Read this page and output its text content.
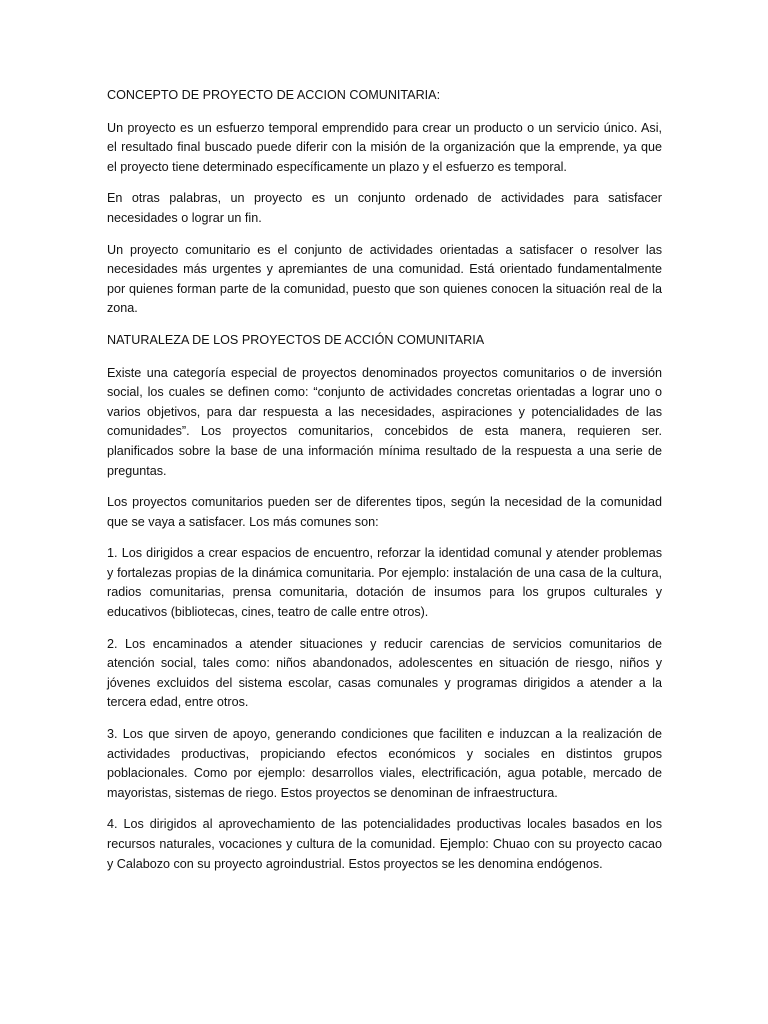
CONCEPTO DE PROYECTO DE ACCION COMUNITARIA:

Un proyecto es un esfuerzo temporal emprendido para crear un producto o un servicio único. Asi, el resultado final buscado puede diferir con la misión de la organización que la emprende, ya que el proyecto tiene determinado específicamente un plazo y el esfuerzo es temporal.

En otras palabras, un proyecto es un conjunto ordenado de actividades para satisfacer necesidades o lograr un fin.

Un proyecto comunitario es el conjunto de actividades orientadas a satisfacer o resolver las necesidades más urgentes y apremiantes de una comunidad. Está orientado fundamentalmente por quienes forman parte de la comunidad, puesto que son quienes conocen la situación real de la zona.

NATURALEZA DE LOS PROYECTOS DE ACCIÓN COMUNITARIA

Existe una categoría especial de proyectos denominados proyectos comunitarios o de inversión social, los cuales se definen como: “conjunto de actividades concretas orientadas a lograr uno o varios objetivos, para dar respuesta a las necesidades, aspiraciones y potencialidades de las comunidades”. Los proyectos comunitarios, concebidos de esta manera, requieren ser. planificados sobre la base de una información mínima resultado de la respuesta a una serie de preguntas.

Los proyectos comunitarios pueden ser de diferentes tipos, según la necesidad de la comunidad que se vaya a satisfacer. Los más comunes son:

1. Los dirigidos a crear espacios de encuentro, reforzar la identidad comunal y atender problemas y fortalezas propias de la dinámica comunitaria. Por ejemplo: instalación de una casa de la cultura, radios comunitarias, prensa comunitaria, dotación de insumos para los grupos culturales y educativos (bibliotecas, cines, teatro de calle entre otros).
2. Los encaminados a atender situaciones y reducir carencias de servicios comunitarios de atención social, tales como: niños abandonados, adolescentes en situación de riesgo, niños y jóvenes excluidos del sistema escolar, casas comunales y programas dirigidos a atender a la tercera edad, entre otros.
3. Los que sirven de apoyo, generando condiciones que faciliten e induzcan a la realización de actividades productivas, propiciando efectos económicos y sociales en distintos grupos poblacionales. Como por ejemplo: desarrollos viales, electrificación, agua potable, mercado de mayoristas, sistemas de riego. Estos proyectos se denominan de infraestructura.
4. Los dirigidos al aprovechamiento de las potencialidades productivas locales basados en los recursos naturales, vocaciones y cultura de la comunidad. Ejemplo: Chuao con su proyecto cacao y Calabozo con su proyecto agroindustrial. Estos proyectos se les denomina endógenos.
